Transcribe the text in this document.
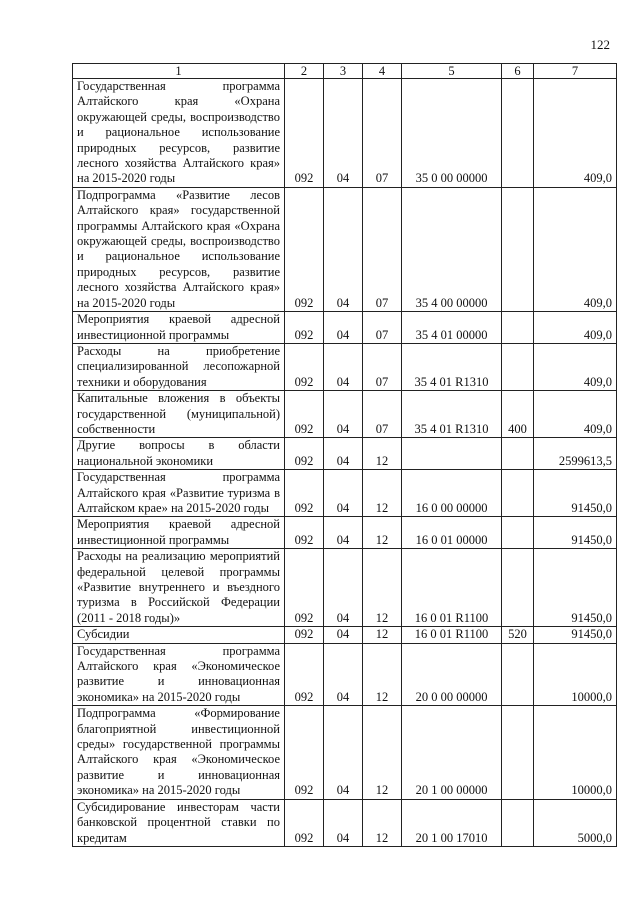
122
1	2	3	4	5	6	7
Государственная программа Алтайского края «Охрана окружающей среды, воспроизводство и рациональное использование природных ресурсов, развитие лесного хозяйства Алтайского края» на 2015-2020 годы	092	04	07	35 0 00 00000		409,0
Подпрограмма «Развитие лесов Алтайского края» государственной программы Алтайского края «Охрана окружающей среды, воспроизводство и рациональное использование природных ресурсов, развитие лесного хозяйства Алтайского края» на 2015-2020 годы	092	04	07	35 4 00 00000		409,0
Мероприятия краевой адресной инвестиционной программы	092	04	07	35 4 01 00000		409,0
Расходы на приобретение специализированной лесопожарной техники и оборудования	092	04	07	35 4 01 R1310		409,0
Капитальные вложения в объекты государственной (муниципальной) собственности	092	04	07	35 4 01 R1310	400	409,0
Другие вопросы в области национальной экономики	092	04	12			2599613,5
Государственная программа Алтайского края «Развитие туризма в Алтайском крае» на 2015-2020 годы	092	04	12	16 0 00 00000		91450,0
Мероприятия краевой адресной инвестиционной программы	092	04	12	16 0 01 00000		91450,0
Расходы на реализацию мероприятий федеральной целевой программы «Развитие внутреннего и въездного туризма в Российской Федерации (2011 - 2018 годы)»	092	04	12	16 0 01 R1100		91450,0
Субсидии	092	04	12	16 0 01 R1100	520	91450,0
Государственная программа Алтайского края «Экономическое развитие и инновационная экономика» на 2015-2020 годы	092	04	12	20 0 00 00000		10000,0
Подпрограмма «Формирование благоприятной инвестиционной среды» государственной программы Алтайского края «Экономическое развитие и инновационная экономика» на 2015-2020 годы	092	04	12	20 1 00 00000		10000,0
Субсидирование инвесторам части банковской процентной ставки по кредитам	092	04	12	20 1 00 17010		5000,0
